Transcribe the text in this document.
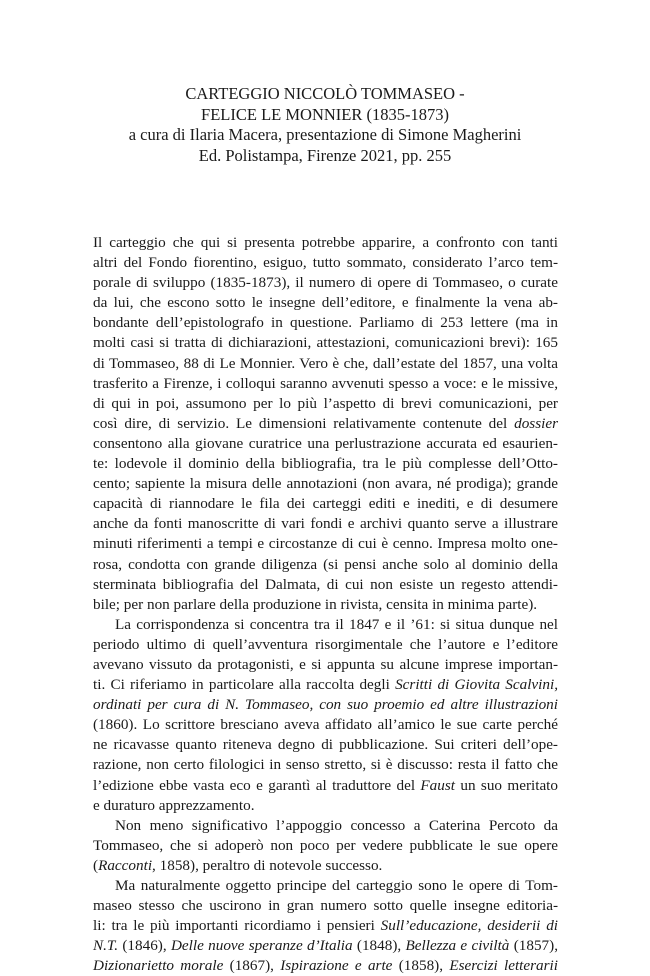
CARTEGGIO NICCOLÒ TOMMASEO -
FELICE LE MONNIER (1835-1873)
a cura di Ilaria Macera, presentazione di Simone Magherini
Ed. Polistampa, Firenze 2021, pp. 255

Il carteggio che qui si presenta potrebbe apparire, a confronto con tanti
altri del Fondo fiorentino, esiguo, tutto sommato, considerato l’arco tem-
porale di sviluppo (1835-1873), il numero di opere di Tommaseo, o curate
da lui, che escono sotto le insegne dell’editore, e finalmente la vena ab-
bondante dell’epistolografo in questione. Parliamo di 253 lettere (ma in
molti casi si tratta di dichiarazioni, attestazioni, comunicazioni brevi): 165
di Tommaseo, 88 di Le Monnier. Vero è che, dall’estate del 1857, una volta
trasferito a Firenze, i colloqui saranno avvenuti spesso a voce: e le missive,
di qui in poi, assumono per lo più l’aspetto di brevi comunicazioni, per
così dire, di servizio. Le dimensioni relativamente contenute del dossier
consentono alla giovane curatrice una perlustrazione accurata ed esaurien-
te: lodevole il dominio della bibliografia, tra le più complesse dell’Otto-
cento; sapiente la misura delle annotazioni (non avara, né prodiga); grande
capacità di riannodare le fila dei carteggi editi e inediti, e di desumere
anche da fonti manoscritte di vari fondi e archivi quanto serve a illustrare
minuti riferimenti a tempi e circostanze di cui è cenno. Impresa molto one-
rosa, condotta con grande diligenza (si pensi anche solo al dominio della
sterminata bibliografia del Dalmata, di cui non esiste un regesto attendi-
bile; per non parlare della produzione in rivista, censita in minima parte).

La corrispondenza si concentra tra il 1847 e il ’61: si situa dunque nel
periodo ultimo di quell’avventura risorgimentale che l’autore e l’editore
avevano vissuto da protagonisti, e si appunta su alcune imprese importan-
ti. Ci riferiamo in particolare alla raccolta degli Scritti di Giovita Scalvini,
ordinati per cura di N. Tommaseo, con suo proemio ed altre illustrazioni
(1860). Lo scrittore bresciano aveva affidato all’amico le sue carte perché
ne ricavasse quanto riteneva degno di pubblicazione. Sui criteri dell’ope-
razione, non certo filologici in senso stretto, si è discusso: resta il fatto che
l’edizione ebbe vasta eco e garantì al traduttore del Faust un suo meritato
e duraturo apprezzamento.

Non meno significativo l’appoggio concesso a Caterina Percoto da
Tommaseo, che si adoperò non poco per vedere pubblicate le sue opere
(Racconti, 1858), peraltro di notevole successo.

Ma naturalmente oggetto principe del carteggio sono le opere di Tom-
maseo stesso che uscirono in gran numero sotto quelle insegne editoria-
li: tra le più importanti ricordiamo i pensieri Sull’educazione, desiderii di
N.T. (1846), Delle nuove speranze d’Italia (1848), Bellezza e civiltà (1857),
Dizionarietto morale (1867), Ispirazione e arte (1858), Esercizi letterarii
